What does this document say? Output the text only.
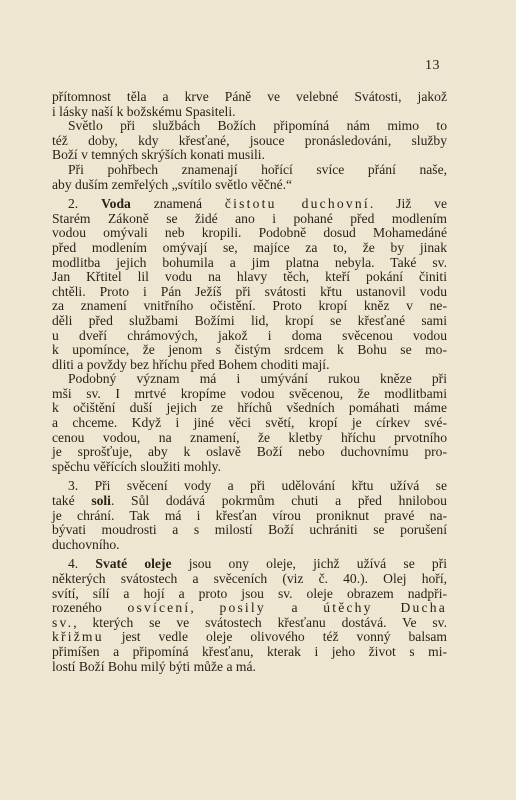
13
přítomnost těla a krve Páně ve velebné Svátosti, jakož
i lásky naší k božskému Spasiteli.
Světlo při službách Božích připomíná nám mimo to
též doby, kdy křesťané, jsouce pronásledováni, služby
Boží v temných skrýších konati musili.
Při pohřbech znamenají hořící svíce přání naše,
aby duším zemřelých „svítilo světlo věčné.“
2. Voda znamená čistotu duchovní. Již ve
Starém Zákoně se židé ano i pohané před modlením
vodou omývali neb kropili. Podobně dosud Mohamedáné
před modlením omývají se, majíce za to, že by jinak
modlitba jejich bohumila a jim platna nebyla. Také sv.
Jan Křtitel lil vodu na hlavy těch, kteří pokání činiti
chtěli. Proto i Pán Ježíš při svátosti křtu ustanovil vodu
za znamení vnitřního očistění. Proto kropí kněz v ne-
děli před službami Božími lid, kropí se křesťané sami
u dveří chrámových, jakož i doma svěcenou vodou
k upomínce, že jenom s čistým srdcem k Bohu se mo-
dliti a povždy bez hříchu před Bohem choditi mají.
Podobný význam má i umývání rukou kněze při
mši sv. I mrtvé kropíme vodou svěcenou, že modlitbami
k očištění duší jejich ze hříchů všedních pomáhati máme
a chceme. Když i jiné věci světí, kropí je církev své-
cenou vodou, na znamení, že kletby hříchu prvotního
je sprošťuje, aby k oslavě Boží nebo duchovnímu pro-
spěchu věřících sloužiti mohly.
3. Při svěcení vody a při udělování křtu užívá se
také soli. Sůl dodává pokrmům chuti a před hnilobou
je chrání. Tak má i křesťan vírou proniknut pravé na-
bývati moudrosti a s milostí Boží uchrániti se porušení
duchovního.
4. Svaté oleje jsou ony oleje, jichž užívá se při
některých svátostech a svěceních (viz č. 40.). Olej hoří,
svítí, sílí a hojí a proto jsou sv. oleje obrazem nadpři-
rozeného osvícení, posily a útěchy Ducha
sv., kterých se ve svátostech křesťanu dostává. Ve sv.
křižmu jest vedle oleje olivového též vonný balsam
přimíšen a připomíná křesťanu, kterak i jeho život s mi-
lostí Boží Bohu milý býti může a má.
